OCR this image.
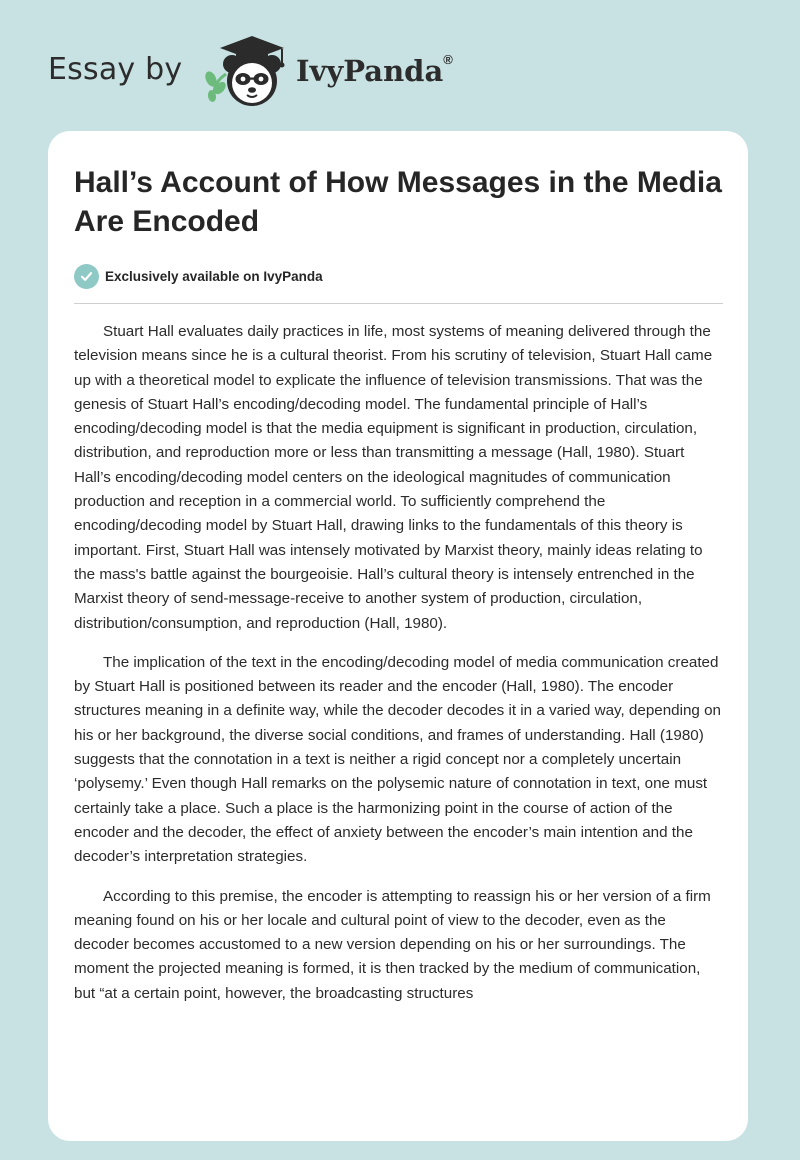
Essay by	IvyPanda®
Hall’s Account of How Messages in the Media Are Encoded
Exclusively available on IvyPanda

Stuart Hall evaluates daily practices in life, most systems of meaning delivered through the television means since he is a cultural theorist. From his scrutiny of television, Stuart Hall came up with a theoretical model to explicate the influence of television transmissions. That was the genesis of Stuart Hall’s encoding/decoding model. The fundamental principle of Hall’s encoding/decoding model is that the media equipment is significant in production, circulation, distribution, and reproduction more or less than transmitting a message (Hall, 1980). Stuart Hall’s encoding/decoding model centers on the ideological magnitudes of communication production and reception in a commercial world. To sufficiently comprehend the encoding/decoding model by Stuart Hall, drawing links to the fundamentals of this theory is important. First, Stuart Hall was intensely motivated by Marxist theory, mainly ideas relating to the mass's battle against the bourgeoisie. Hall’s cultural theory is intensely entrenched in the Marxist theory of send-message-receive to another system of production, circulation, distribution/consumption, and reproduction (Hall, 1980).

The implication of the text in the encoding/decoding model of media communication created by Stuart Hall is positioned between its reader and the encoder (Hall, 1980). The encoder structures meaning in a definite way, while the decoder decodes it in a varied way, depending on his or her background, the diverse social conditions, and frames of understanding. Hall (1980) suggests that the connotation in a text is neither a rigid concept nor a completely uncertain ‘polysemy.’ Even though Hall remarks on the polysemic nature of connotation in text, one must certainly take a place. Such a place is the harmonizing point in the course of action of the encoder and the decoder, the effect of anxiety between the encoder’s main intention and the decoder’s interpretation strategies.

According to this premise, the encoder is attempting to reassign his or her version of a firm meaning found on his or her locale and cultural point of view to the decoder, even as the decoder becomes accustomed to a new version depending on his or her surroundings. The moment the projected meaning is formed, it is then tracked by the medium of communication, but “at a certain point, however, the broadcasting structures
